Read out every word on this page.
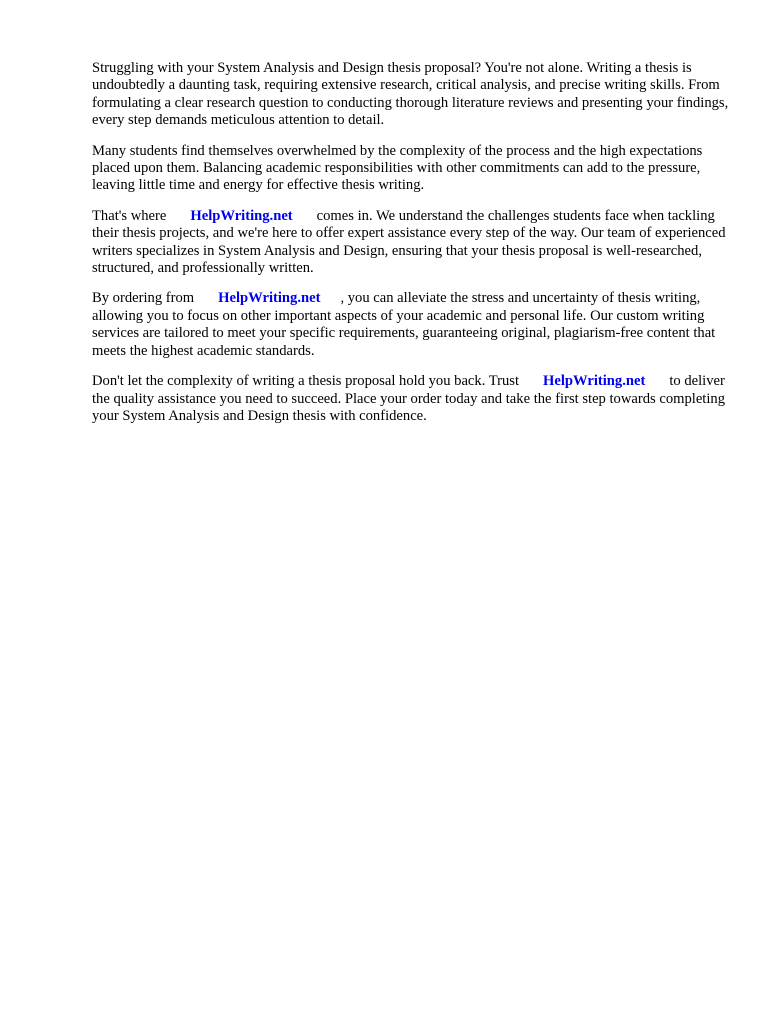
Struggling with your System Analysis and Design thesis proposal? You're not alone. Writing a thesis is undoubtedly a daunting task, requiring extensive research, critical analysis, and precise writing skills. From formulating a clear research question to conducting thorough literature reviews and presenting your findings, every step demands meticulous attention to detail.

Many students find themselves overwhelmed by the complexity of the process and the high expectations placed upon them. Balancing academic responsibilities with other commitments can add to the pressure, leaving little time and energy for effective thesis writing.

That's where HelpWriting.net comes in. We understand the challenges students face when tackling their thesis projects, and we're here to offer expert assistance every step of the way. Our team of experienced writers specializes in System Analysis and Design, ensuring that your thesis proposal is well-researched, structured, and professionally written.

By ordering from HelpWriting.net , you can alleviate the stress and uncertainty of thesis writing, allowing you to focus on other important aspects of your academic and personal life. Our custom writing services are tailored to meet your specific requirements, guaranteeing original, plagiarism-free content that meets the highest academic standards.

Don't let the complexity of writing a thesis proposal hold you back. Trust HelpWriting.net to deliver the quality assistance you need to succeed. Place your order today and take the first step towards completing your System Analysis and Design thesis with confidence.
